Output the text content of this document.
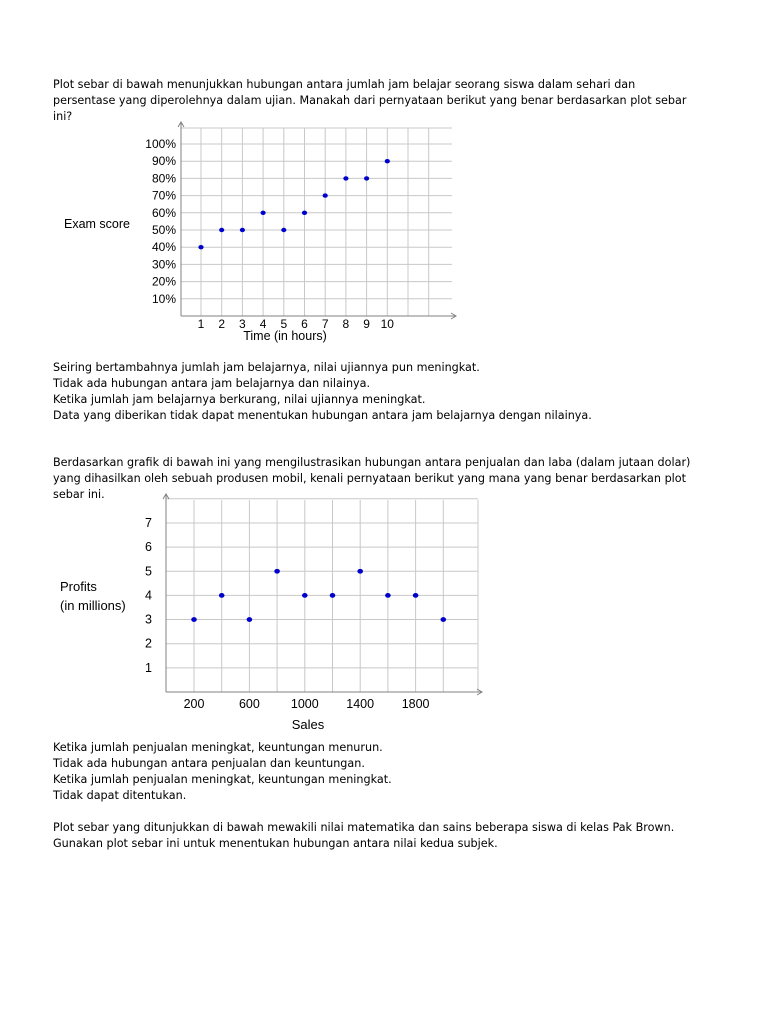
Plot sebar di bawah menunjukkan hubungan antara jumlah jam belajar seorang siswa dalam sehari dan persentase yang diperolehnya dalam ujian. Manakah dari pernyataan berikut yang benar berdasarkan plot sebar ini?

10%
20%
30%
40%
50%
60%
70%
80%
90%
100%
1 2 3 4 5 6 7 8 9 10
Time (in hours)
Exam score

Seiring bertambahnya jumlah jam belajarnya, nilai ujiannya pun meningkat.

Tidak ada hubungan antara jam belajarnya dan nilainya.

Ketika jumlah jam belajarnya berkurang, nilai ujiannya meningkat.

Data yang diberikan tidak dapat menentukan hubungan antara jam belajarnya dengan nilainya.

Berdasarkan grafik di bawah ini yang mengilustrasikan hubungan antara penjualan dan laba (dalam jutaan dolar) yang dihasilkan oleh sebuah produsen mobil, kenali pernyataan berikut yang mana yang benar berdasarkan plot sebar ini.

1
2
3
4
5
6
7
200	600 1000 1400 1800
Sales
Profits (in millions)

Ketika jumlah penjualan meningkat, keuntungan menurun.

Tidak ada hubungan antara penjualan dan keuntungan.

Ketika jumlah penjualan meningkat, keuntungan meningkat.

Tidak dapat ditentukan.

Plot sebar yang ditunjukkan di bawah mewakili nilai matematika dan sains beberapa siswa di kelas Pak Brown. Gunakan plot sebar ini untuk menentukan hubungan antara nilai kedua subjek.
